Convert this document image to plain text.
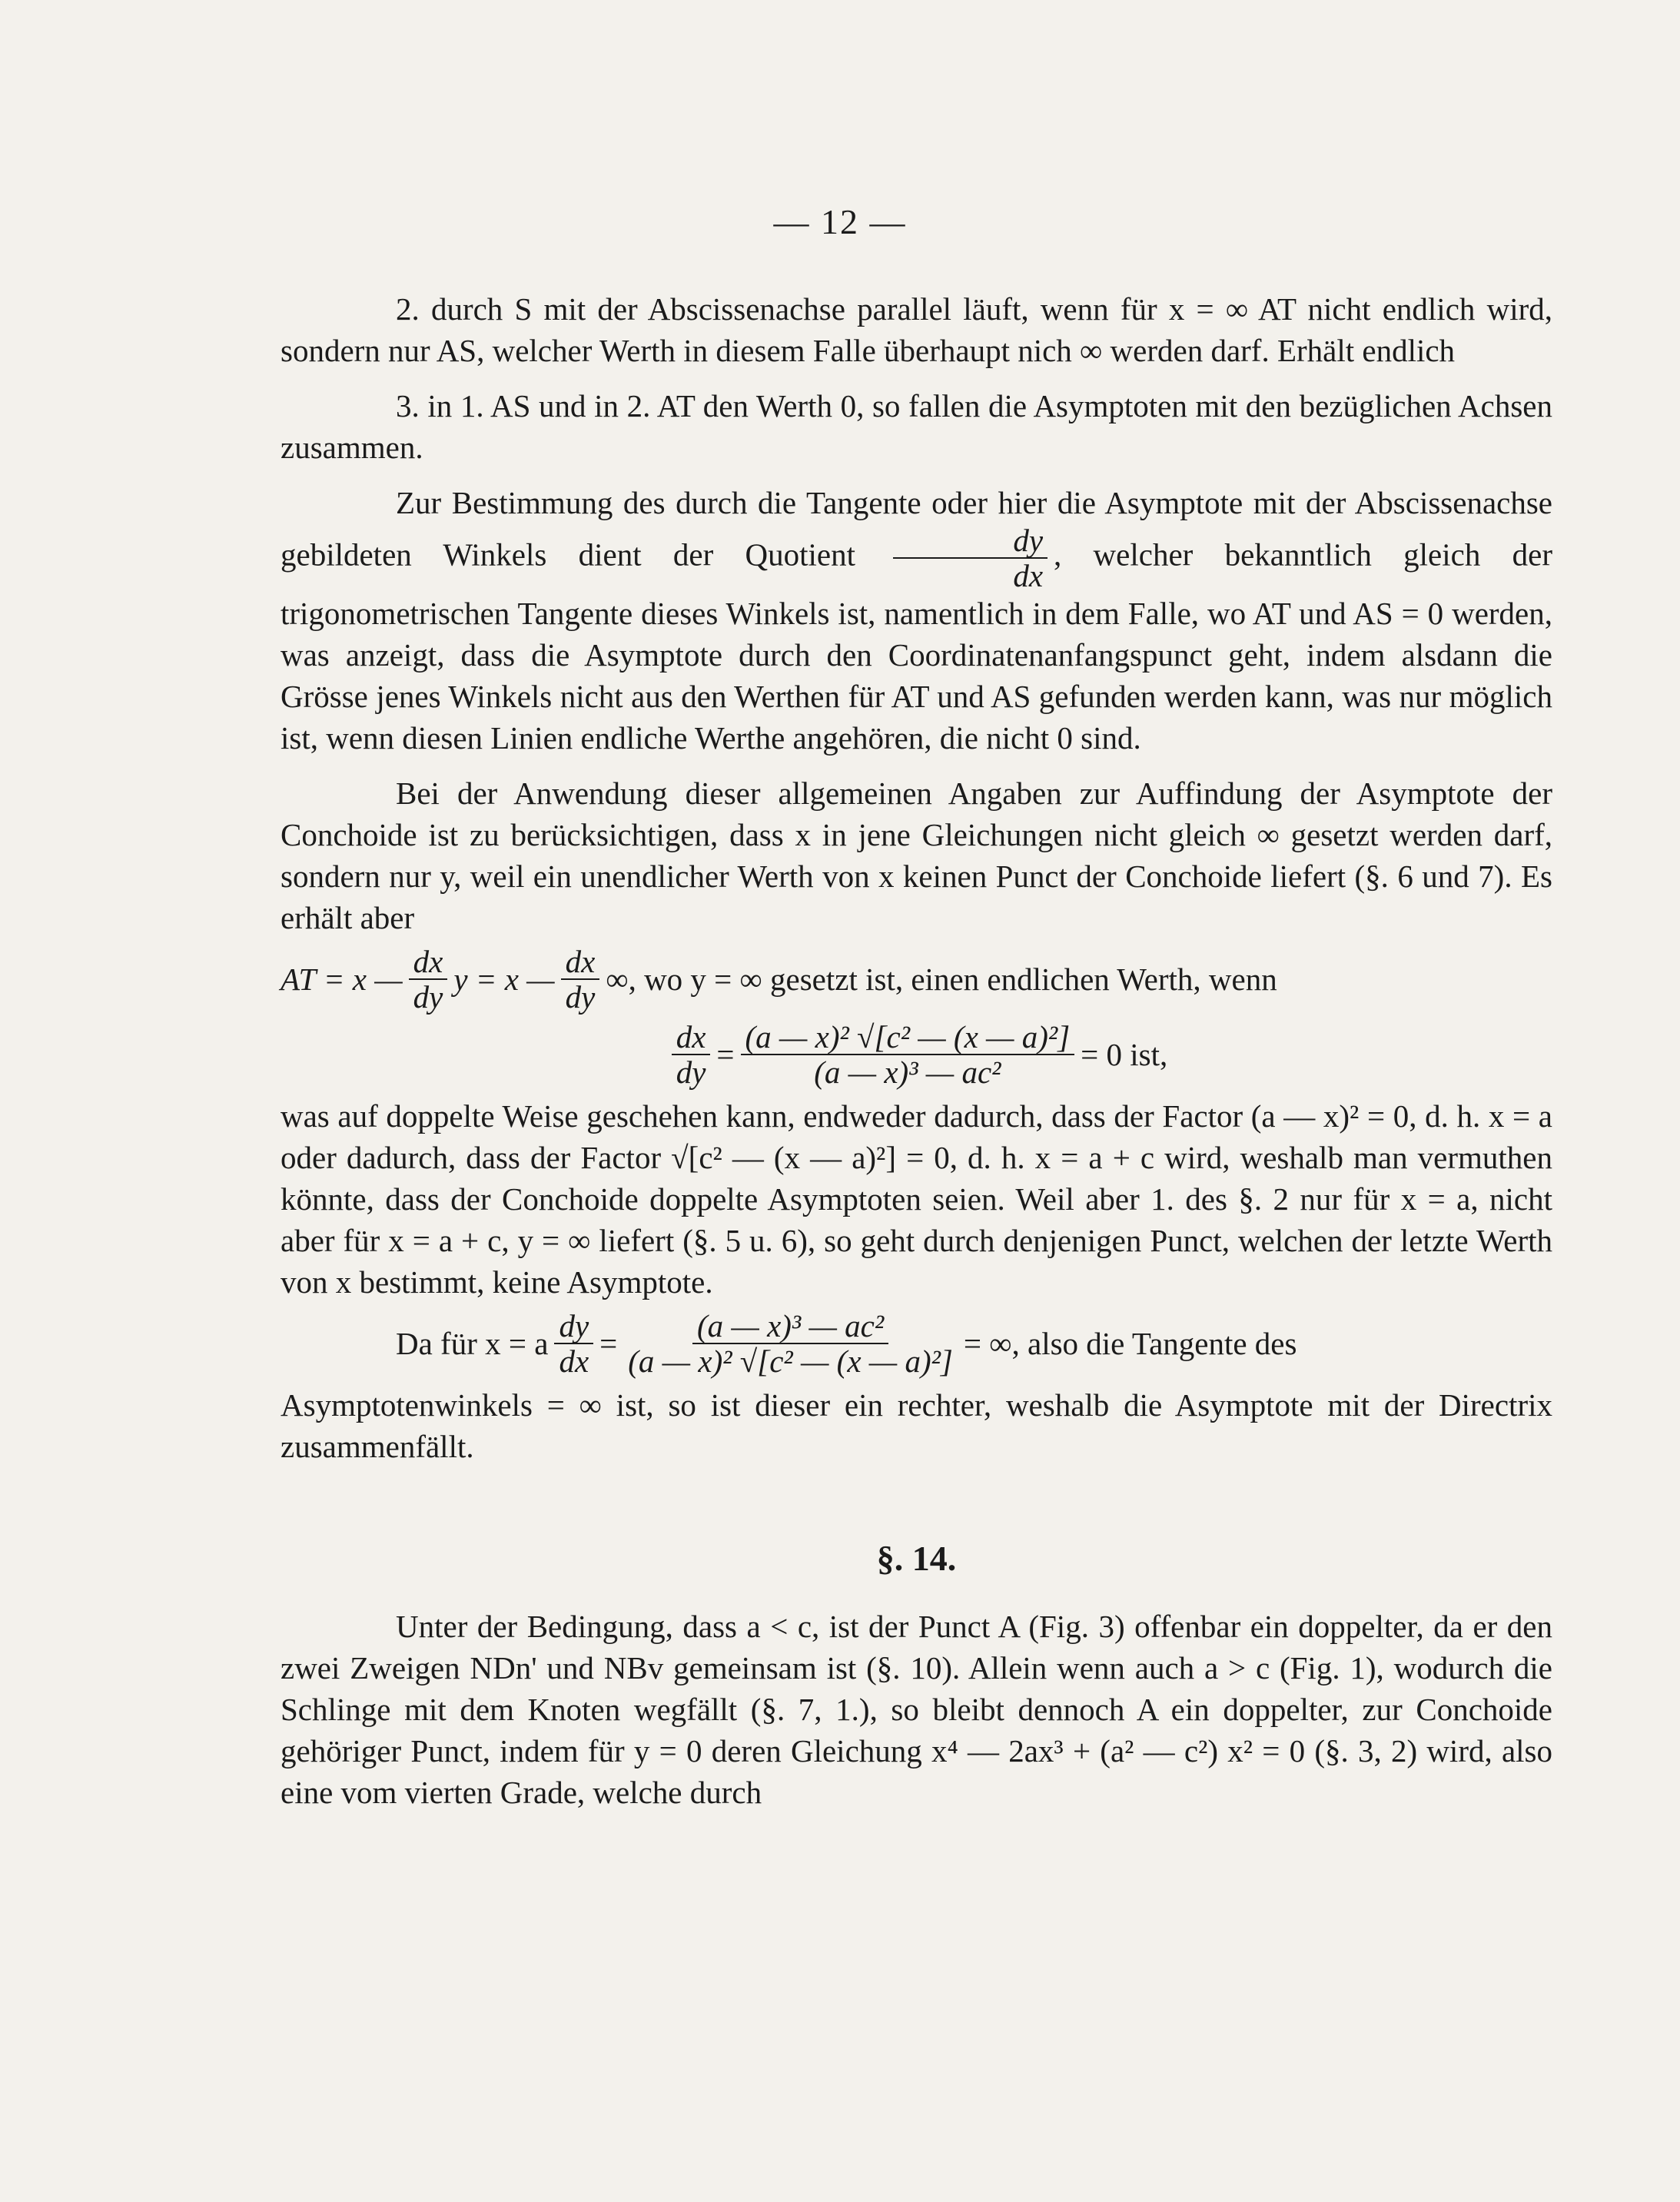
— 12 —

2. durch S mit der Abscissenachse parallel läuft, wenn für x = ∞ AT nicht endlich wird, sondern nur AS, welcher Werth in diesem Falle überhaupt nich ∞ werden darf. Erhält endlich

3. in 1. AS und in 2. AT den Werth 0, so fallen die Asymptoten mit den bezüglichen Achsen zusammen.

Zur Bestimmung des durch die Tangente oder hier die Asymptote mit der Abscissenachse gebildeten Winkels dient der Quotient $\frac{dy}{dx}$ , welcher bekanntlich gleich der trigonometrischen Tangente dieses Winkels ist, namentlich in dem Falle, wo AT und AS = 0 werden, was anzeigt, dass die Asymptote durch den Coordinatenanfangspunct geht, indem alsdann die Grösse jenes Winkels nicht aus den Werthen für AT und AS gefunden werden kann, was nur möglich ist, wenn diesen Linien endliche Werthe angehören, die nicht 0 sind.

Bei der Anwendung dieser allgemeinen Angaben zur Auffindung der Asymptote der Conchoide ist zu berücksichtigen, dass x in jene Gleichungen nicht gleich ∞ gesetzt werden darf, sondern nur y, weil ein unendlicher Werth von x keinen Punct der Conchoide liefert (§. 6 und 7). Es erhält aber

AT = x — $\frac{dx}{dy}$ y = x — $\frac{dx}{dy}$ ∞, wo y = ∞ gesetzt ist, einen endlichen Werth, wenn
$\frac{dx}{dy} = \frac{\text{(a — x)² √[c² — (x — a)²]}}{\text{(a — x)³ — ac²}} = 0$ ist,

was auf doppelte Weise geschehen kann, endweder dadurch, dass der Factor (a — x)² = 0, d. h. x = a oder dadurch, dass der Factor √[c² — (x — a)²] = 0, d. h. x = a + c wird, weshalb man vermuthen könnte, dass der Conchoide doppelte Asymptoten seien. Weil aber 1. des §. 2 nur für x = a, nicht aber für x = a + c, y = ∞ liefert (§. 5 u. 6), so geht durch denjenigen Punct, welchen der letzte Werth von x bestimmt, keine Asymptote.

Da für x = a $\frac{dy}{dx} = \frac{\text{(a — x)³ — ac²}}{\text{(a — x)² √[c² — (x — a)²]}}$ = ∞, also die Tangente des

Asymptotenwinkels = ∞ ist, so ist dieser ein rechter, weshalb die Asymptote mit der Directrix zusammenfällt.

§. 14.

Unter der Bedingung, dass a < c, ist der Punct A (Fig. 3) offenbar ein doppelter, da er den zwei Zweigen NDn' und NBv gemeinsam ist (§. 10). Allein wenn auch a > c (Fig. 1), wodurch die Schlinge mit dem Knoten wegfällt (§. 7, 1.), so bleibt dennoch A ein doppelter, zur Conchoide gehöriger Punct, indem für y = 0 deren Gleichung x⁴ — 2ax³ + (a² — c²) x² = 0 (§. 3, 2) wird, also eine vom vierten Grade, welche durch
